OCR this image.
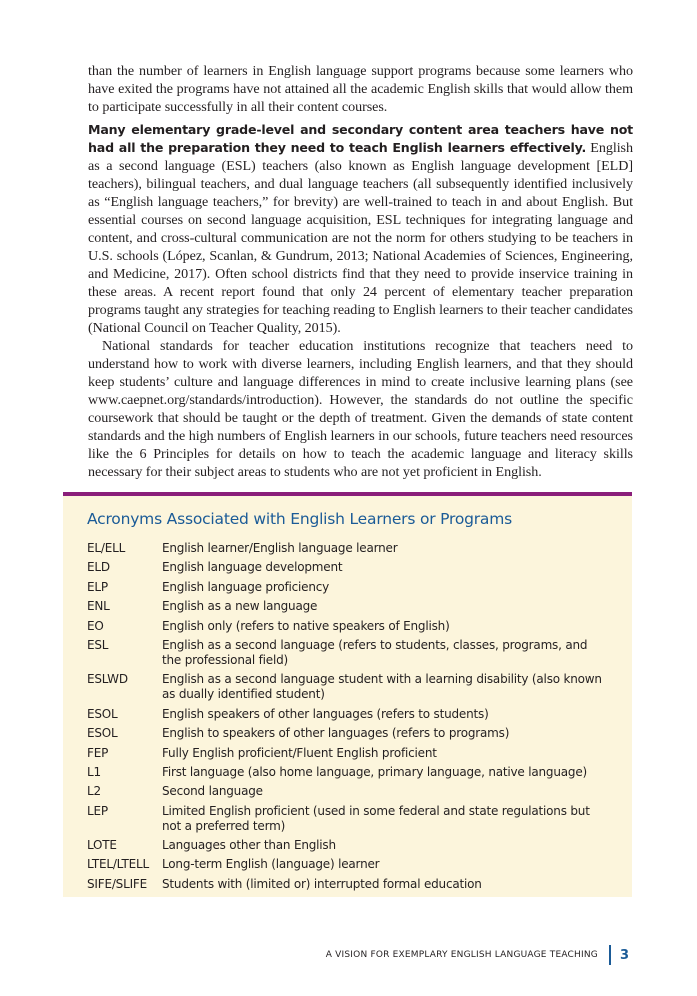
than the number of learners in English language support programs because some learners who have exited the programs have not attained all the academic English skills that would allow them to participate successfully in all their content courses.

Many elementary grade-level and secondary content area teachers have not had all the preparation they need to teach English learners effectively. English as a second language (ESL) teachers (also known as English language development [ELD] teachers), bilingual teachers, and dual language teachers (all subsequently identified inclusively as “English language teachers,” for brevity) are well-trained to teach in and about English. But essential courses on second language acquisition, ESL techniques for integrating language and content, and cross-cultural communication are not the norm for others studying to be teachers in U.S. schools (López, Scanlan, & Gundrum, 2013; National Academies of Sciences, Engineering, and Medicine, 2017). Often school districts find that they need to provide inservice training in these areas. A recent report found that only 24 percent of elementary teacher preparation programs taught any strategies for teaching reading to English learners to their teacher candidates (National Council on Teacher Quality, 2015).

National standards for teacher education institutions recognize that teachers need to understand how to work with diverse learners, including English learners, and that they should keep students’ culture and language differences in mind to create inclusive learning plans (see www.caepnet.org/standards/introduction). However, the standards do not outline the specific coursework that should be taught or the depth of treatment. Given the demands of state content standards and the high numbers of English learners in our schools, future teachers need resources like the 6 Principles for details on how to teach the academic language and literacy skills necessary for their subject areas to students who are not yet proficient in English.

Acronyms Associated with English Learners or Programs
EL/ELL	English learner/English language learner
ELD	English language development
ELP	English language proficiency
ENL	English as a new language
EO	English only (refers to native speakers of English)
ESL	English as a second language (refers to students, classes, programs, and the professional field)
ESLWD	English as a second language student with a learning disability (also known as dually identified student)
ESOL	English speakers of other languages (refers to students)
ESOL	English to speakers of other languages (refers to programs)
FEP	Fully English proficient/Fluent English proficient
L1	First language (also home language, primary language, native language)
L2	Second language
LEP	Limited English proficient (used in some federal and state regulations but not a preferred term)
LOTE	Languages other than English
LTEL/LTELL	Long-term English (language) learner
SIFE/SLIFE	Students with (limited or) interrupted formal education
A VISION FOR EXEMPLARY ENGLISH LANGUAGE TEACHING 3
